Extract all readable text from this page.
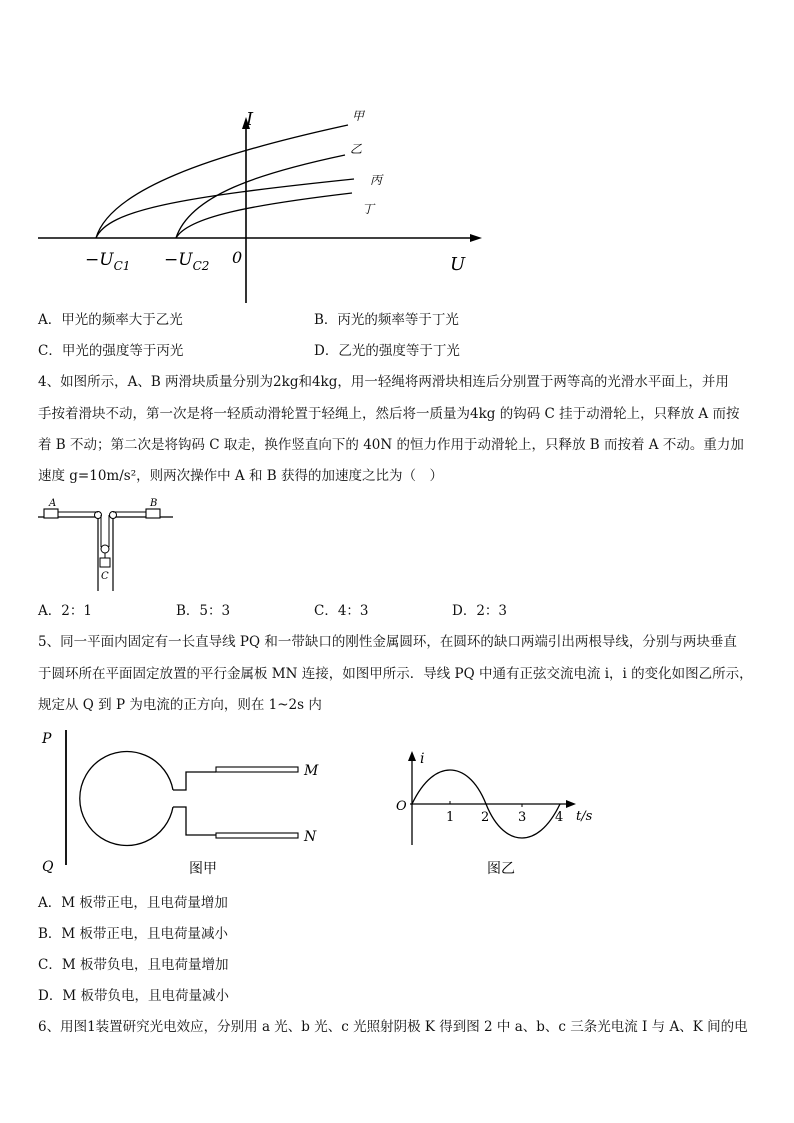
I
U
0
$-U_{C1} -U_{C2}$
甲
乙
丙
丁
A．甲光的频率大于乙光	B．丙光的频率等于丁光
C．甲光的强度等于丙光	D．乙光的强度等于丁光
4、如图所示，A、B 两滑块质量分别为2kg和4kg，用一轻绳将两滑块相连后分别置于两等高的光滑水平面上，并用
手按着滑块不动，第一次是将一轻质动滑轮置于轻绳上，然后将一质量为4kg 的钩码 C 挂于动滑轮上，只释放 A 而按
着 B 不动；第二次是将钩码 C 取走，换作竖直向下的 40N 的恒力作用于动滑轮上，只释放 B 而按着 A 不动。重力加
速度 g=10m/s²，则两次操作中 A 和 B 获得的加速度之比为（　）
A	B
C
A．2：1	B．5：3	C．4：3	D．2：3
5、同一平面内固定有一长直导线 PQ 和一带缺口的刚性金属圆环，在圆环的缺口两端引出两根导线，分别与两块垂直
于圆环所在平面固定放置的平行金属板 MN 连接，如图甲所示．导线 PQ 中通有正弦交流电流 i，i 的变化如图乙所示，
规定从 Q 到 P 为电流的正方向，则在 1~2s 内
P
Q
M
N
图甲
i
O
1 2 3 4 t/s
图乙
A．M 板带正电，且电荷量增加
B．M 板带正电，且电荷量减小
C．M 板带负电，且电荷量增加
D．M 板带负电，且电荷量减小
6、用图1装置研究光电效应，分别用 a 光、b 光、c 光照射阴极 K 得到图 2 中 a、b、c 三条光电流 I 与 A、K 间的电
